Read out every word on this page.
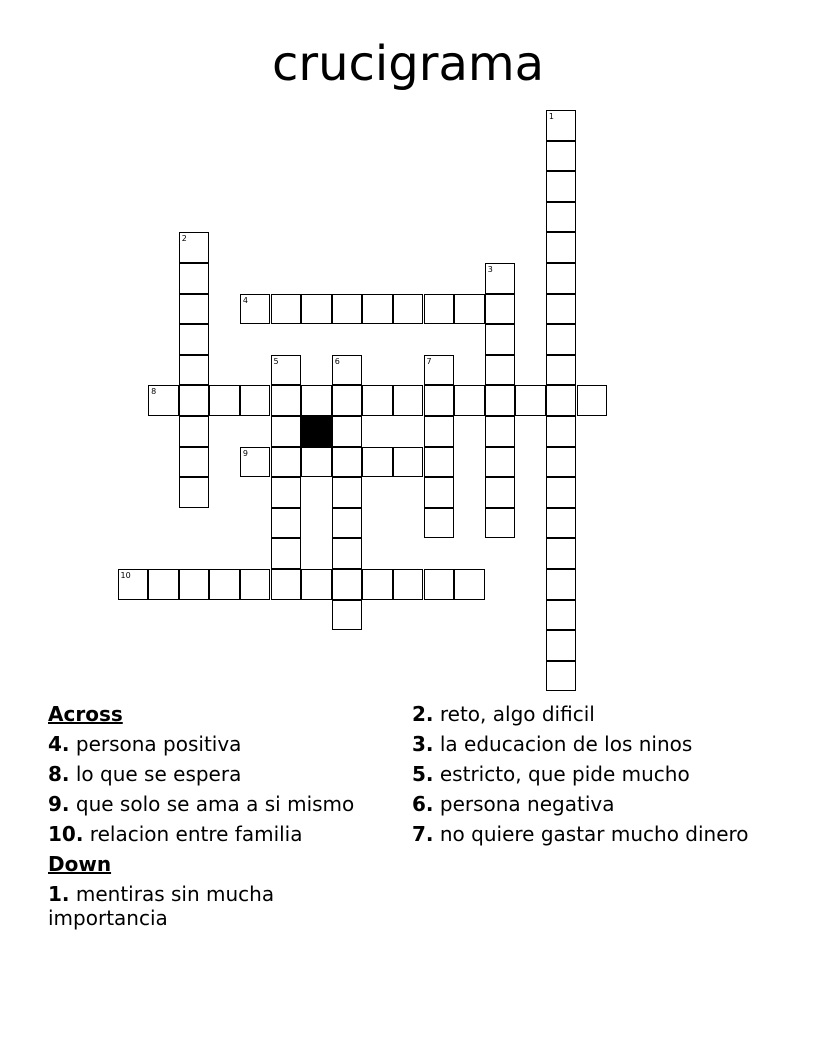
crucigrama
1
2
3
4
5	6	7
8
9
10
Across
4. persona positiva
8. lo que se espera
9. que solo se ama a si mismo
10. relacion entre familia
Down
1. mentiras sin mucha importancia
2. reto, algo dificil
3. la educacion de los ninos
5. estricto, que pide mucho
6. persona negativa
7. no quiere gastar mucho dinero
